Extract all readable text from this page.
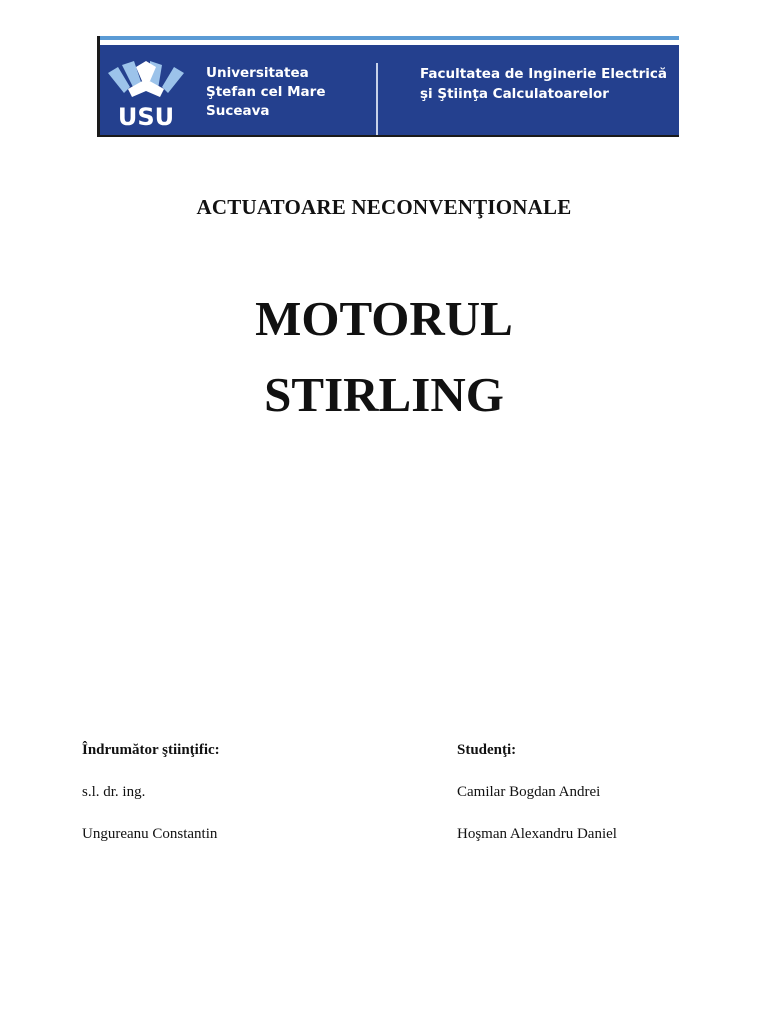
USU
Universitatea
Ştefan cel Mare
Suceava
Facultatea de Inginerie Electrică
şi Ştiinţa Calculatoarelor
ACTUATOARE NECONVENŢIONALE
MOTORUL
STIRLING
Îndrumător ştiinţific:
s.l. dr. ing.
Ungureanu Constantin
Studenţi:
Camilar Bogdan Andrei
Hoşman Alexandru Daniel
